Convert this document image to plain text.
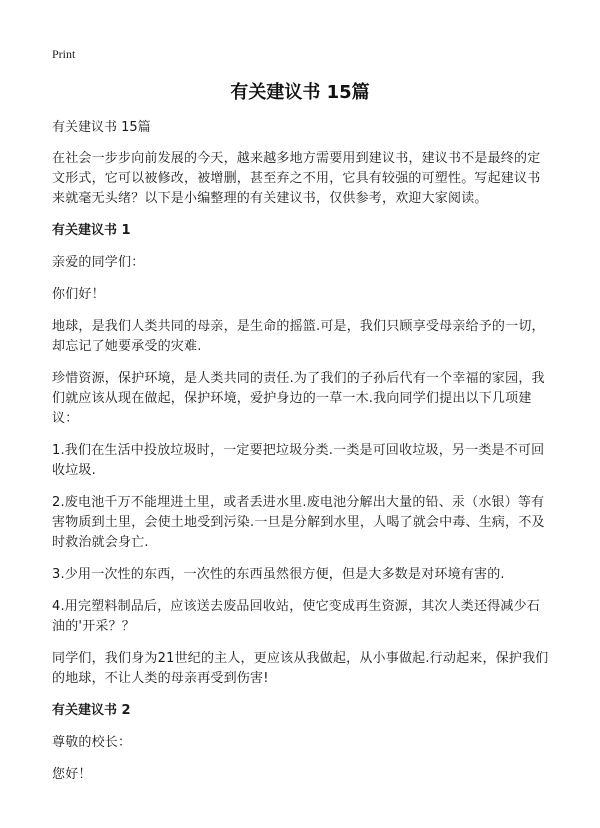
Print
有关建议书 15篇
有关建议书 15篇

在社会一步步向前发展的今天，越来越多地方需要用到建议书，建议书不是最终的定文形式，它可以被修改，被增删，甚至弃之不用，它具有较强的可塑性。写起建议书来就毫无头绪？以下是小编整理的有关建议书，仅供参考，欢迎大家阅读。

有关建议书 1

亲爱的同学们：

你们好！

地球，是我们人类共同的母亲，是生命的摇篮.可是，我们只顾享受母亲给予的一切，却忘记了她要承受的灾难.

珍惜资源，保护环境，是人类共同的责任.为了我们的子孙后代有一个幸福的家园，我们就应该从现在做起，保护环境，爱护身边的一草一木.我向同学们提出以下几项建议：

1.我们在生活中投放垃圾时，一定要把垃圾分类.一类是可回收垃圾，另一类是不可回收垃圾.

2.废电池千万不能埋进土里，或者丢进水里.废电池分解出大量的铅、汞（水银）等有害物质到土里，会使土地受到污染.一旦是分解到水里，人喝了就会中毒、生病，不及时救治就会身亡.

3.少用一次性的东西，一次性的东西虽然很方便，但是大多数是对环境有害的.

4.用完塑料制品后，应该送去废品回收站，使它变成再生资源，其次人类还得减少石油的'开采？？

同学们，我们身为21世纪的主人，更应该从我做起，从小事做起.行动起来，保护我们的地球，不让人类的母亲再受到伤害!

有关建议书 2

尊敬的校长：

您好！
